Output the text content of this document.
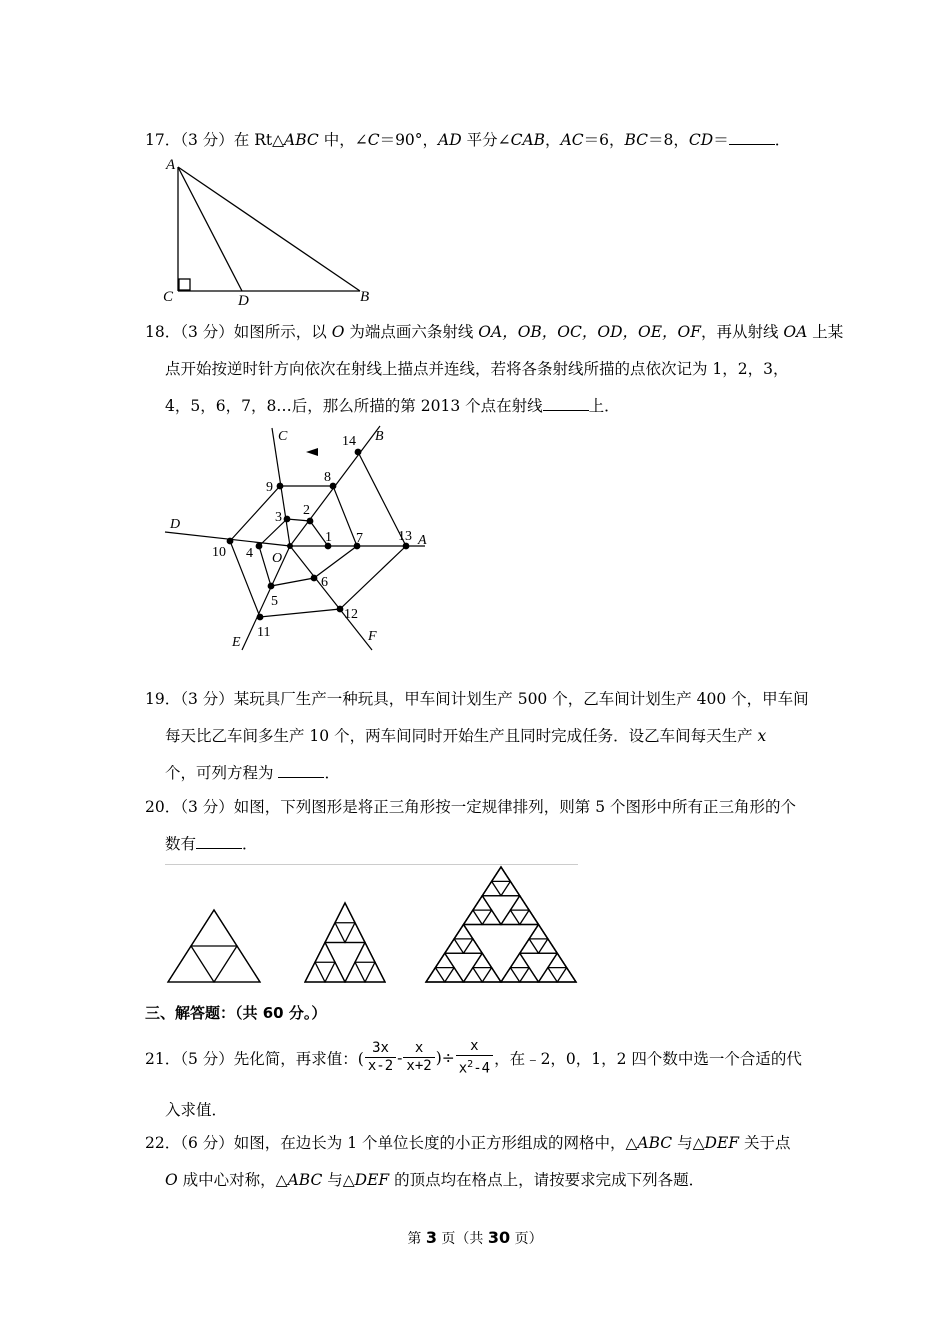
17．（3 分）在 Rt△ABC 中，∠C＝90°，AD 平分∠CAB，AC＝6，BC＝8，CD＝	．
A
C	D	B
18．（3 分）如图所示，以 O 为端点画六条射线 OA，OB，OC，OD，OE，OF，再从射线 OA 上某
点开始按逆时针方向依次在射线上描点并连线，若将各条射线所描的点依次记为 1，2，3，
4，5，6，7，8…后，那么所描的第 2013 个点在射线	上．
A
B
C
D
E	F
O
1
2
3
4
5
6
7
8
9
10
11
12
13
14
19．（3 分）某玩具厂生产一种玩具，甲车间计划生产 500 个，乙车间计划生产 400 个，甲车间
每天比乙车间多生产 10 个，两车间同时开始生产且同时完成任务．设乙车间每天生产 x
个，可列方程为	．
20．（3 分）如图，下列图形是将正三角形按一定规律排列，则第 5 个图形中所有正三角形的个
数有	．
三、解答题：（共 60 分。）
21．（5 分）先化简，再求值：( $\frac{3x}{x-2} - \frac{x}{x+2}$ )÷ $\frac{x}{x^2-4}$ ，在﹣2，0，1，2 四个数中选一个合适的代
入求值．
22．（6 分）如图，在边长为 1 个单位长度的小正方形组成的网格中，△ABC 与△DEF 关于点
O 成中心对称，△ABC 与△DEF 的顶点均在格点上，请按要求完成下列各题．
第 3 页（共 30 页）
